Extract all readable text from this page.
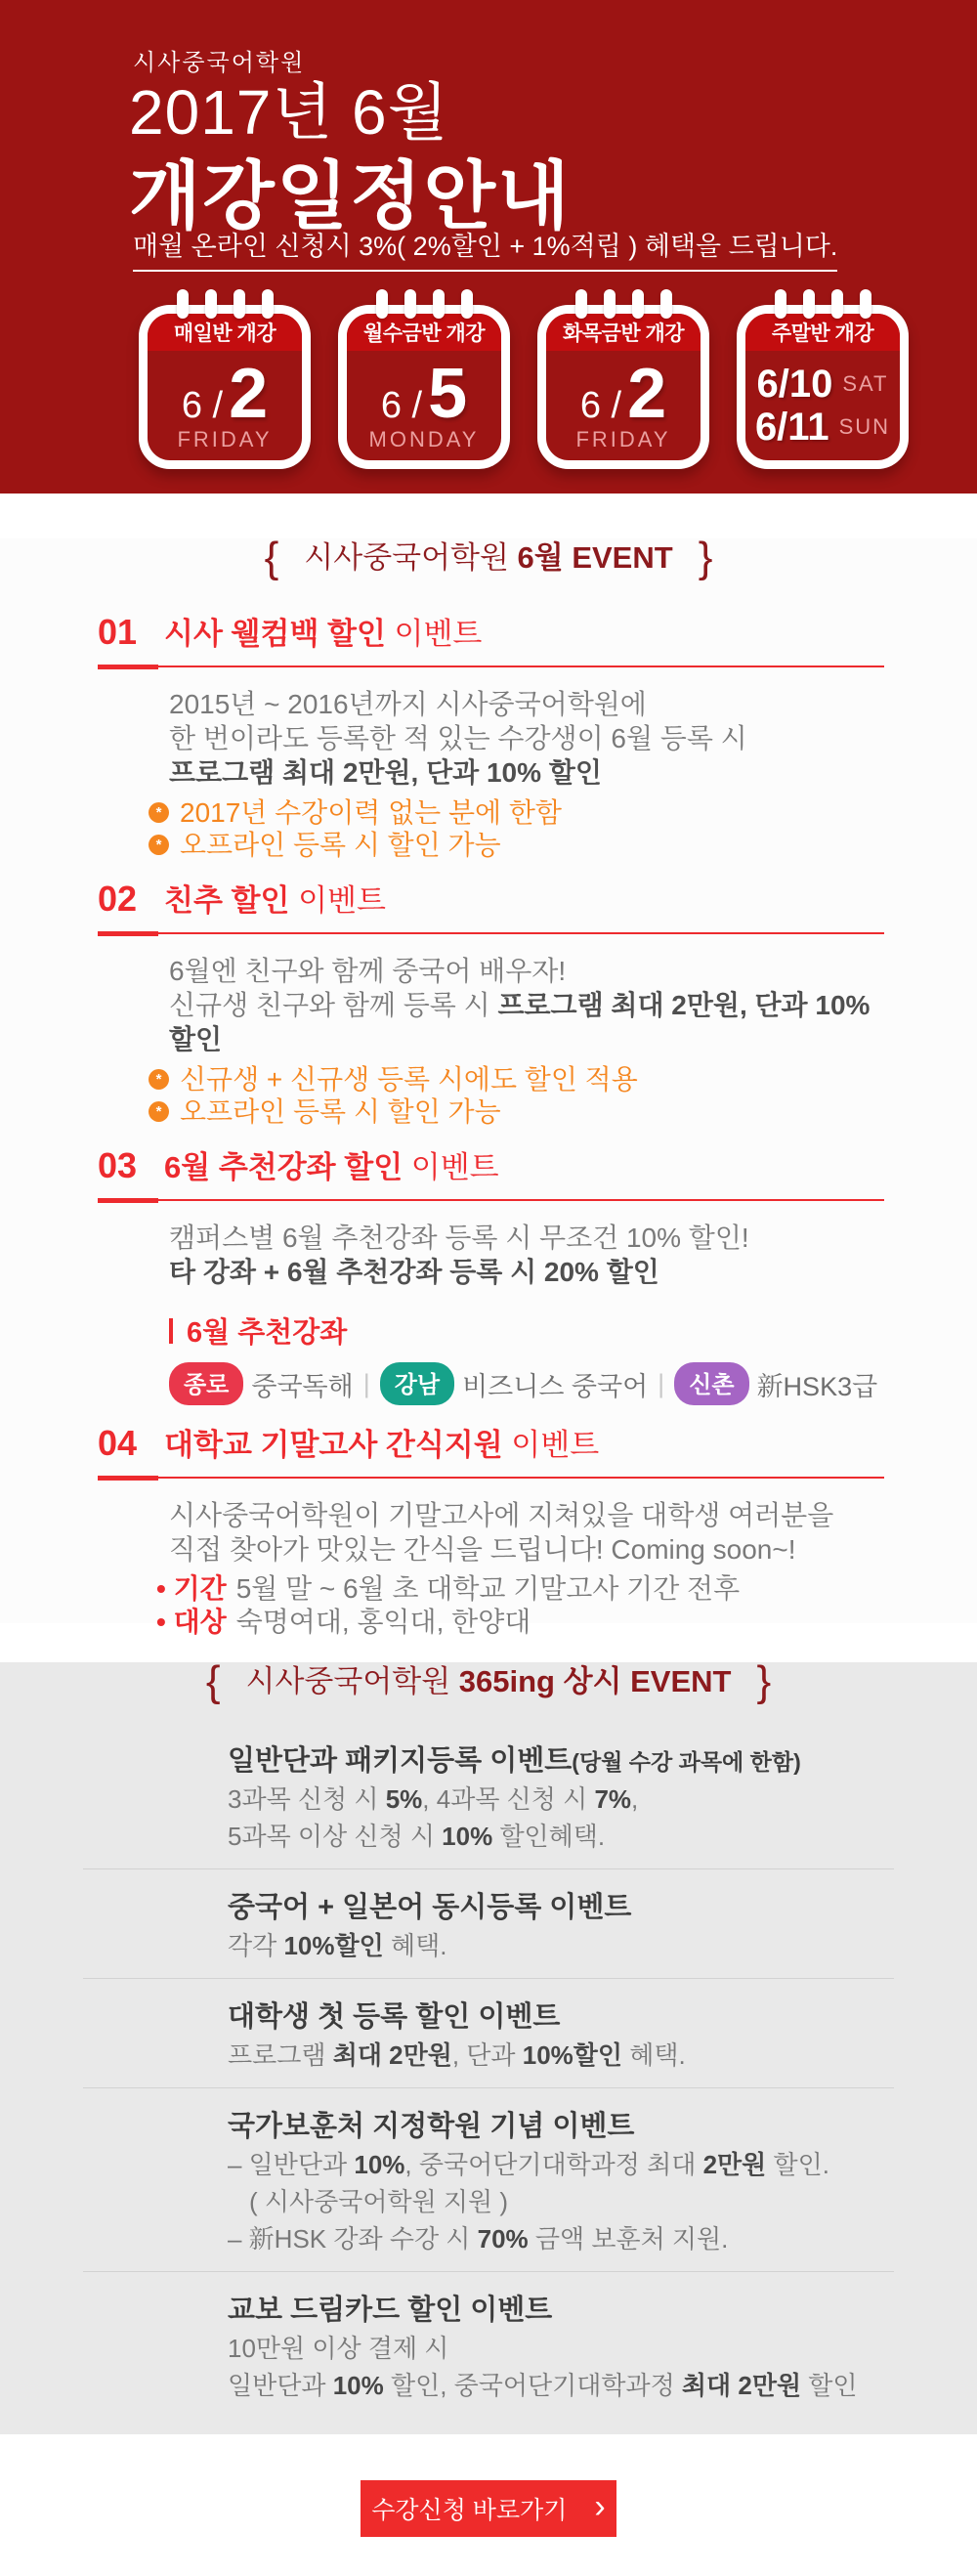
시사중국어학원
2017년 6월
개강일정안내
매월 온라인 신청시 3%( 2%할인 + 1%적립 ) 혜택을 드립니다.
매일반 개강
6 / 2
FRIDAY
월수금반 개강
6 / 5
MONDAY
화목금반 개강
6 / 2
FRIDAY
주말반 개강
6/10 SAT
6/11 SUN
{ 시사중국어학원 6월 EVENT }
01 시사 웰컴백 할인 이벤트
2015년 ~ 2016년까지 시사중국어학원에
한 번이라도 등록한 적 있는 수강생이 6월 등록 시
프로그램 최대 2만원, 단과 10% 할인
* 2017년 수강이력 없는 분에 한함
* 오프라인 등록 시 할인 가능
02 친추 할인 이벤트
6월엔 친구와 함께 중국어 배우자!
신규생 친구와 함께 등록 시 프로그램 최대 2만원, 단과 10% 할인
* 신규생 + 신규생 등록 시에도 할인 적용
* 오프라인 등록 시 할인 가능
03 6월 추천강좌 할인 이벤트
캠퍼스별 6월 추천강좌 등록 시 무조건 10% 할인!
타 강좌 + 6월 추천강좌 등록 시 20% 할인
6월 추천강좌
종로 중국독해 |	강남 비즈니스 중국어 |	신촌 新HSK3급
04 대학교 기말고사 간식지원 이벤트
시사중국어학원이 기말고사에 지쳐있을 대학생 여러분을
직접 찾아가 맛있는 간식을 드립니다! Coming soon~!
• 기간 5월 말 ~ 6월 초 대학교 기말고사 기간 전후
• 대상 숙명여대, 홍익대, 한양대
{ 시사중국어학원 365ing 상시 EVENT }
일반단과 패키지등록 이벤트(당월 수강 과목에 한함)
3과목 신청 시 5%, 4과목 신청 시 7%,
5과목 이상 신청 시 10% 할인혜택.
중국어 + 일본어 동시등록 이벤트
각각 10%할인 혜택.
대학생 첫 등록 할인 이벤트
프로그램 최대 2만원, 단과 10%할인 혜택.
국가보훈처 지정학원 기념 이벤트
– 일반단과 10%, 중국어단기대학과정 최대 2만원 할인.
( 시사중국어학원 지원 )
– 新HSK 강좌 수강 시 70% 금액 보훈처 지원.
교보 드림카드 할인 이벤트
10만원 이상 결제 시
일반단과 10% 할인, 중국어단기대학과정 최대 2만원 할인
수강신청 바로가기 ›
